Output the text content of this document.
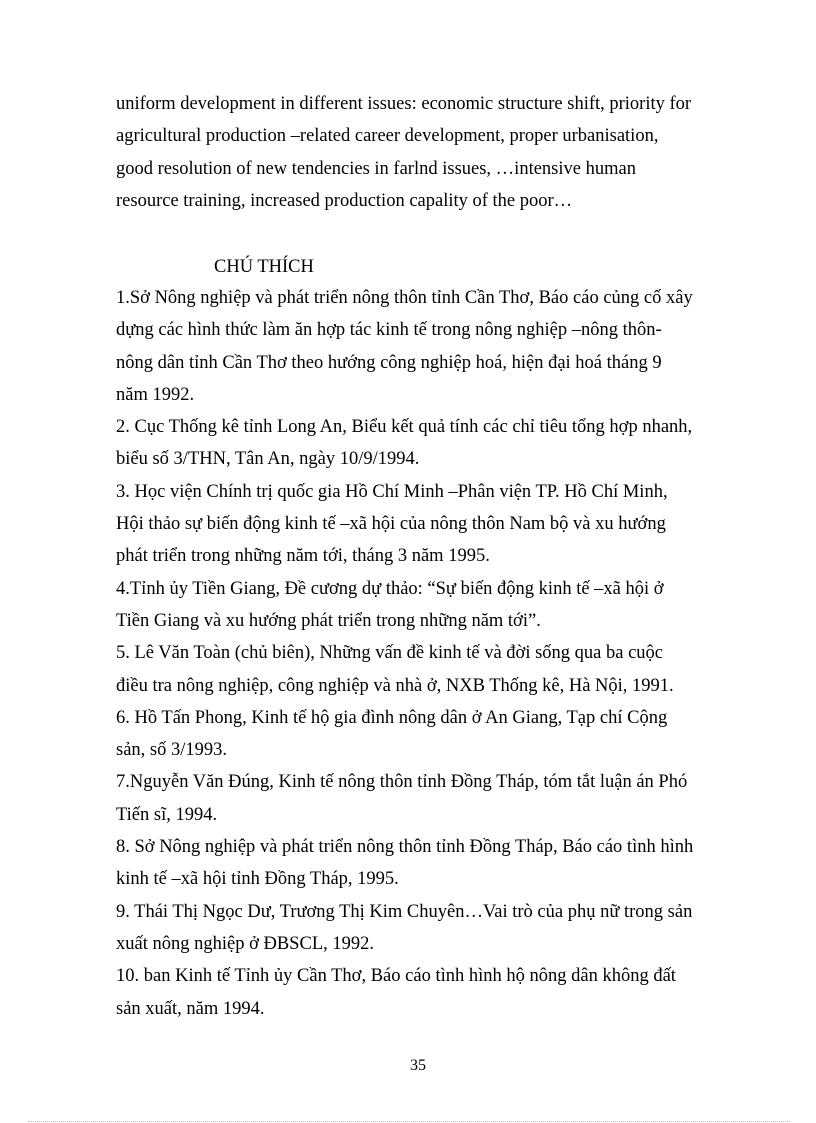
uniform development in different issues: economic structure shift, priority for
agricultural production –related career development, proper urbanisation,
good resolution of new tendencies in farlnd issues, …intensive human
resource training, increased production capality of the poor…

CHÚ THÍCH
1.Sở Nông nghiệp và phát triển nông thôn tỉnh Cần Thơ, Báo cáo củng cố xây
dựng các hình thức làm ăn hợp tác kinh tế trong nông nghiệp –nông thôn-
nông dân tỉnh Cần Thơ theo hướng công nghiệp hoá, hiện đại hoá tháng 9
năm 1992.
2. Cục Thống kê tỉnh Long An, Biểu kết quả tính các chỉ tiêu tổng hợp nhanh,
biểu số 3/THN, Tân An, ngày 10/9/1994.
3. Học viện Chính trị quốc gia Hồ Chí Minh –Phân viện TP. Hồ Chí Minh,
Hội thảo sự biến động kinh tế –xã hội của nông thôn Nam bộ và xu hướng
phát triển trong những năm tới, tháng 3 năm 1995.
4.Tỉnh ủy Tiền Giang, Đề cương dự thảo: “Sự biến động kinh tế –xã hội ở
Tiền Giang và xu hướng phát triển trong những năm tới”.
5. Lê Văn Toàn (chủ biên), Những vấn đề kinh tế và đời sống qua ba cuộc
điều tra nông nghiệp, công nghiệp và nhà ở, NXB Thống kê, Hà Nội, 1991.
6. Hồ Tấn Phong, Kinh tế hộ gia đình nông dân ở An Giang, Tạp chí Cộng
sản, số 3/1993.
7.Nguyễn Văn Đúng, Kinh tế nông thôn tỉnh Đồng Tháp, tóm tắt luận án Phó
Tiến sĩ, 1994.
8. Sở Nông nghiệp và phát triển nông thôn tỉnh Đồng Tháp, Báo cáo tình hình
kinh tế –xã hội tỉnh Đồng Tháp, 1995.
9. Thái Thị Ngọc Dư, Trương Thị Kim Chuyên…Vai trò của phụ nữ trong sản
xuất nông nghiệp ở ĐBSCL, 1992.
10. ban Kinh tế Tỉnh ủy Cần Thơ, Báo cáo tình hình hộ nông dân không đất
sản xuất, năm 1994.
35
